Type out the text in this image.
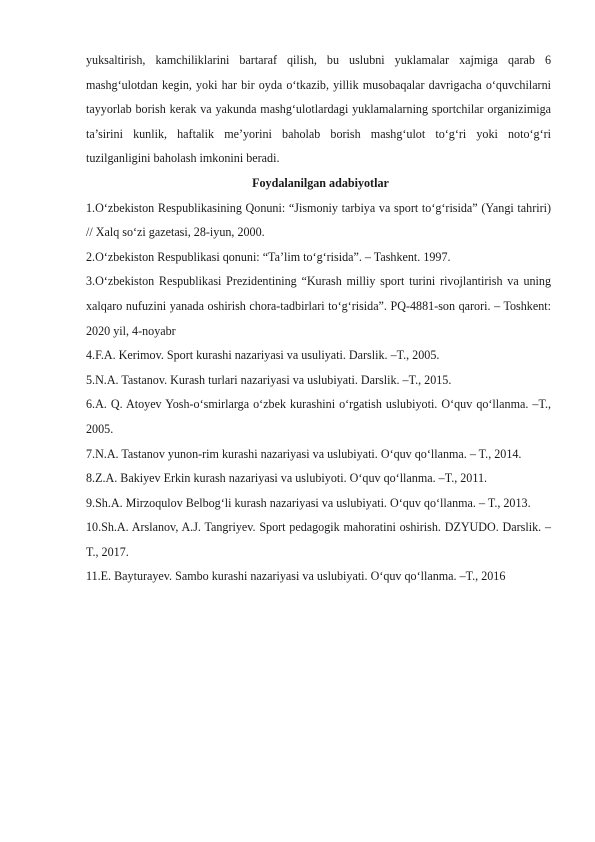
yuksaltirish, kamchiliklarini bartaraf qilish, bu uslubni yuklamalar xajmiga qarab 6 mashg‘ulotdan kegin, yoki har bir oyda o‘tkazib, yillik musobaqalar davrigacha o‘quvchilarni tayyorlab borish kerak va yakunda mashg‘ulotlardagi yuklamalarning sportchilar organizimiga ta’sirini kunlik, haftalik me’yorini baholab borish mashg‘ulot to‘g‘ri yoki noto‘g‘ri tuzilganligini baholash imkonini beradi.

Foydalanilgan adabiyotlar

1.O‘zbekiston Respublikasining Qonuni: “Jismoniy tarbiya va sport to‘g‘risida” (Yangi tahriri) // Xalq so‘zi gazetasi, 28-iyun, 2000.
2.O‘zbekiston Respublikasi qonuni: “Ta’lim to‘g‘risida”. – Tashkent. 1997.
3.O‘zbekiston Respublikasi Prezidentining “Kurash milliy sport turini rivojlantirish va uning xalqaro nufuzini yanada oshirish chora-tadbirlari to‘g‘risida”. PQ-4881-son qarori. – Toshkent: 2020 yil, 4-noyabr
4.F.A. Kerimov. Sport kurashi nazariyasi va usuliyati. Darslik. –T., 2005.
5.N.A. Tastanov. Kurash turlari nazariyasi va uslubiyati. Darslik. –T., 2015.
6.A. Q. Atoyev Yosh-o‘smirlarga o‘zbek kurashini o‘rgatish uslubiyoti. O‘quv qo‘llanma. –T., 2005.
7.N.A. Tastanov yunon-rim kurashi nazariyasi va uslubiyati. O‘quv qo‘llanma. – T., 2014.
8.Z.A. Bakiyev Erkin kurash nazariyasi va uslubiyoti. O‘quv qo‘llanma. –T., 2011.
9.Sh.A. Mirzoqulov Belbog‘li kurash nazariyasi va uslubiyati. O‘quv qo‘llanma. – T., 2013.
10.Sh.A. Arslanov, A.J. Tangriyev. Sport pedagogik mahoratini oshirish. DZYUDO. Darslik. –T., 2017.
11.E. Bayturayev. Sambo kurashi nazariyasi va uslubiyati. O‘quv qo‘llanma. –T., 2016
